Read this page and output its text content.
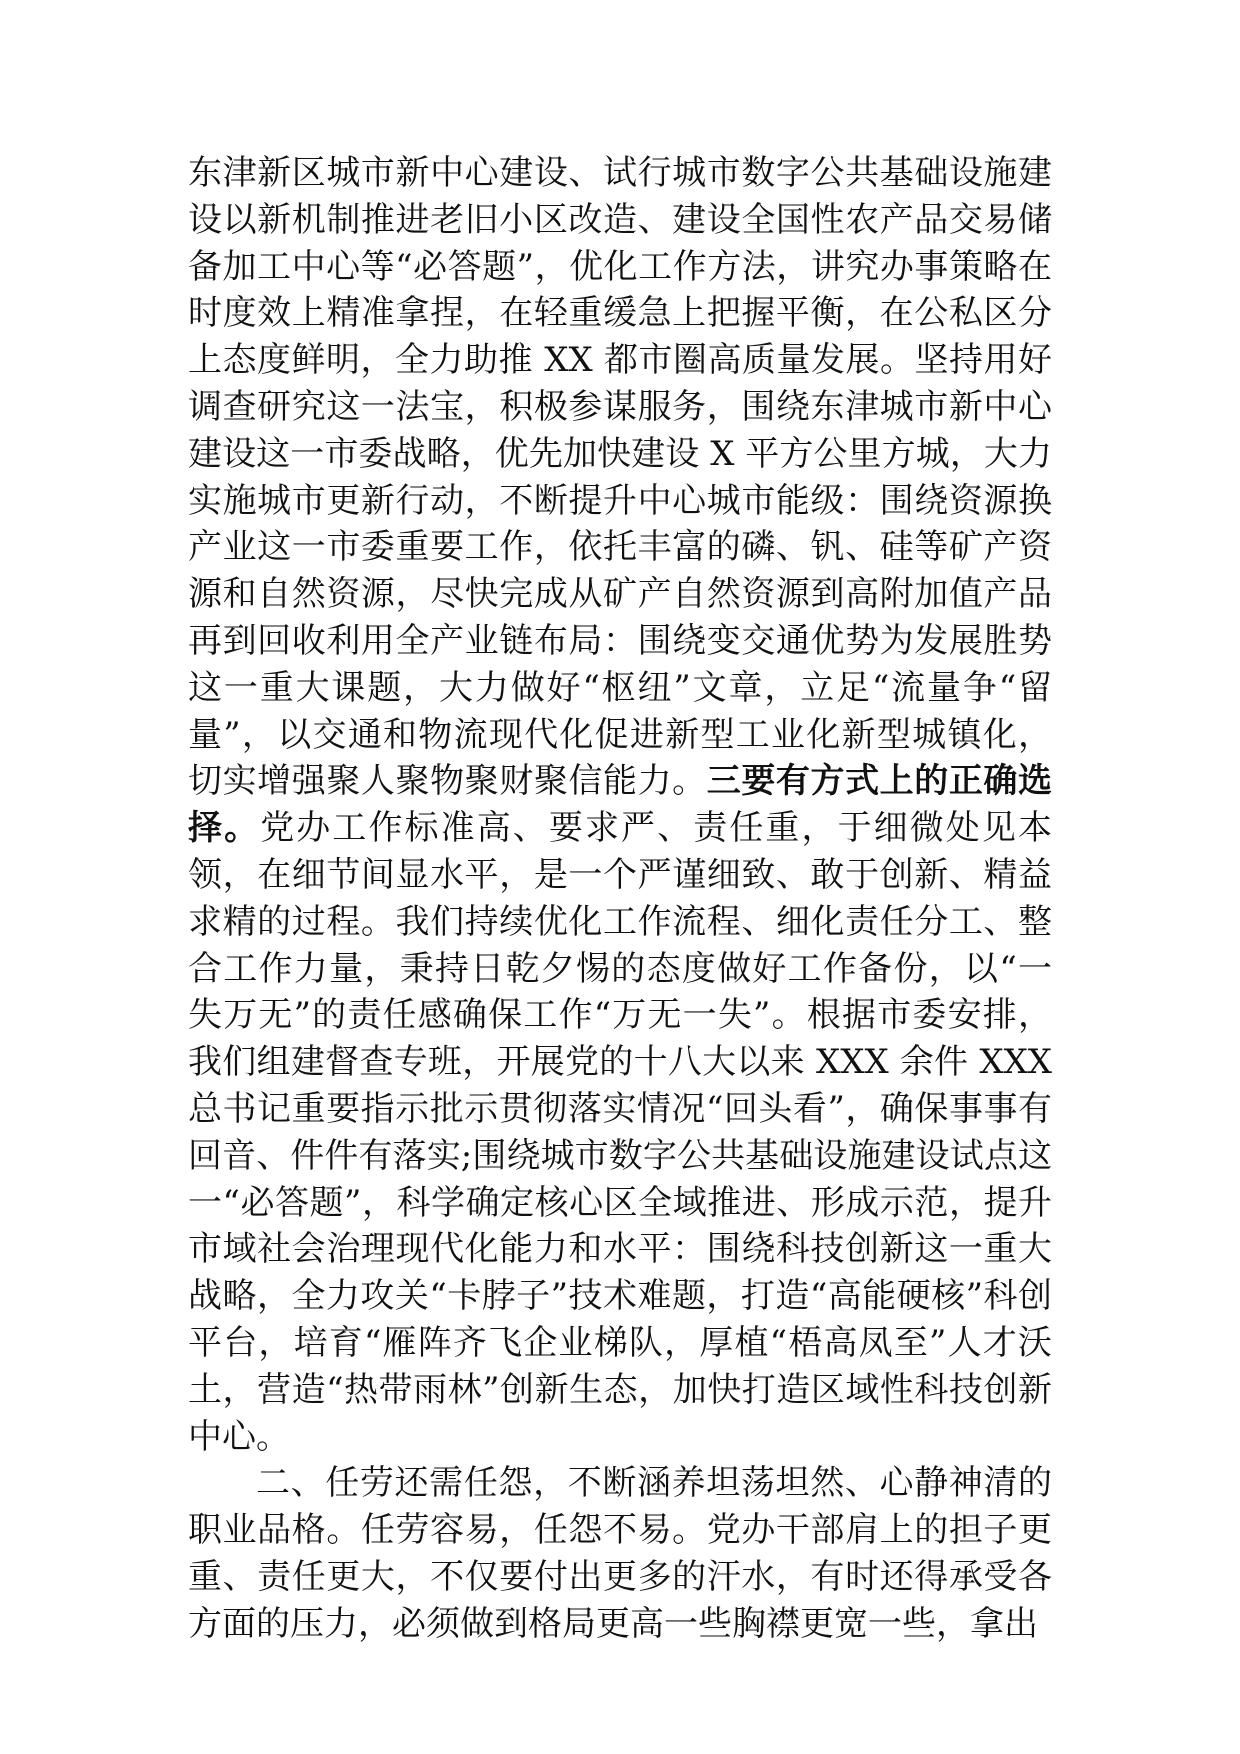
东津新区城市新中心建设、试行城市数字公共基础设施建设以新机制推进老旧小区改造、建设全国性农产品交易储备加工中心等“必答题”，优化工作方法，讲究办事策略在时度效上精准拿捏，在轻重缓急上把握平衡，在公私区分上态度鲜明，全力助推 XX 都市圈高质量发展。坚持用好调查研究这一法宝，积极参谋服务，围绕东津城市新中心建设这一市委战略，优先加快建设 X 平方公里方城，大力实施城市更新行动，不断提升中心城市能级：围绕资源换产业这一市委重要工作，依托丰富的磷、钒、硅等矿产资源和自然资源，尽快完成从矿产自然资源到高附加值产品再到回收利用全产业链布局：围绕变交通优势为发展胜势这一重大课题，大力做好“枢纽”文章，立足“流量争“留量”，以交通和物流现代化促进新型工业化新型城镇化，切实增强聚人聚物聚财聚信能力。三要有方式上的正确选择。党办工作标准高、要求严、责任重，于细微处见本领，在细节间显水平，是一个严谨细致、敢于创新、精益求精的过程。我们持续优化工作流程、细化责任分工、整合工作力量，秉持日乾夕惕的态度做好工作备份，以“一失万无”的责任感确保工作“万无一失”。根据市委安排，我们组建督查专班，开展党的十八大以来 XXX 余件 XXX 总书记重要指示批示贯彻落实情况“回头看”，确保事事有回音、件件有落实;围绕城市数字公共基础设施建设试点这一“必答题”，科学确定核心区全域推进、形成示范，提升市域社会治理现代化能力和水平：围绕科技创新这一重大战略，全力攻关“卡脖子”技术难题，打造“高能硬核”科创平台，培育“雁阵齐飞企业梯队，厚植“梧高凤至”人才沃土，营造“热带雨林”创新生态，加快打造区域性科技创新中心。

二、任劳还需任怨，不断涵养坦荡坦然、心静神清的职业品格。任劳容易，任怨不易。党办干部肩上的担子更重、责任更大，不仅要付出更多的汗水，有时还得承受各方面的压力，必须做到格局更高一些胸襟更宽一些，拿出
